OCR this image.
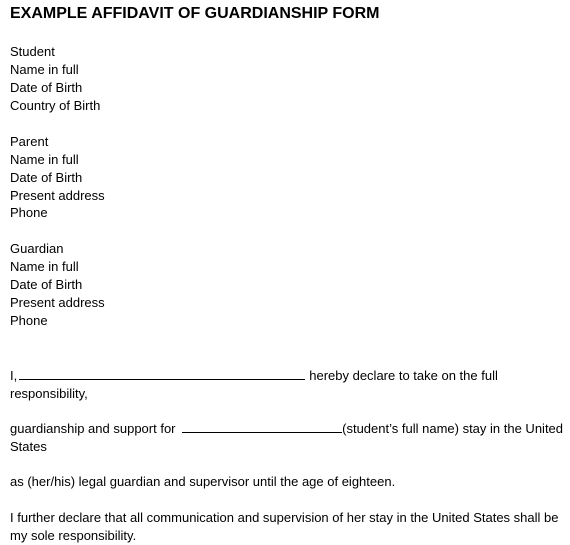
EXAMPLE AFFIDAVIT OF GUARDIANSHIP FORM
Student
Name in full
Date of Birth
Country of Birth
Parent
Name in full
Date of Birth
Present address
Phone
Guardian
Name in full
Date of Birth
Present address
Phone
I,	hereby declare to take on the full responsibility,
guardianship and support for	(student’s full name) stay in the United States
as (her/his) legal guardian and supervisor until the age of eighteen.
I further declare that all communication and supervision of her stay in the United States shall be my sole responsibility.
